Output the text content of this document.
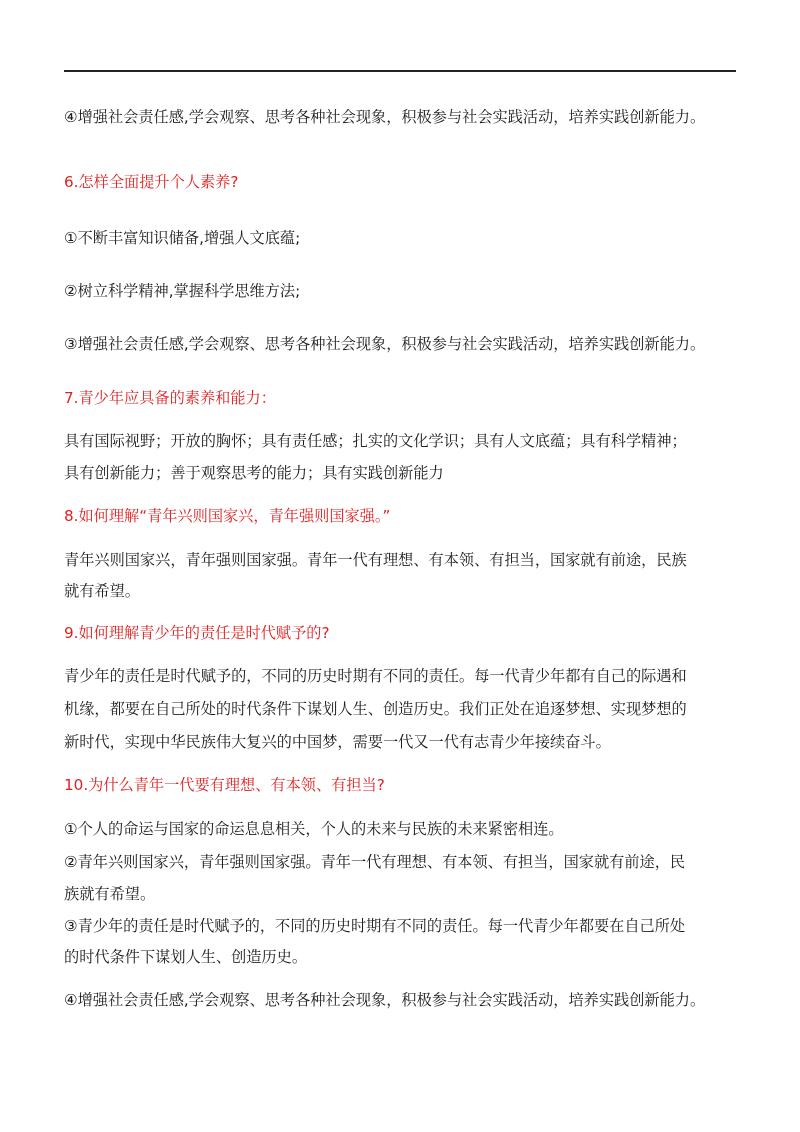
④增强社会责任感,学会观察、思考各种社会现象，积极参与社会实践活动，培养实践创新能力。
6.怎样全面提升个人素养?
①不断丰富知识储备,增强人文底蕴;
②树立科学精神,掌握科学思维方法;
③增强社会责任感,学会观察、思考各种社会现象，积极参与社会实践活动，培养实践创新能力。
7.青少年应具备的素养和能力：
具有国际视野；开放的胸怀；具有责任感；扎实的文化学识；具有人文底蕴；具有科学精神；
具有创新能力；善于观察思考的能力；具有实践创新能力
8.如何理解“青年兴则国家兴，青年强则国家强。”
青年兴则国家兴，青年强则国家强。青年一代有理想、有本领、有担当，国家就有前途，民族
就有希望。
9.如何理解青少年的责任是时代赋予的?
青少年的责任是时代赋予的，不同的历史时期有不同的责任。每一代青少年都有自己的际遇和
机缘，都要在自己所处的时代条件下谋划人生、创造历史。我们正处在追逐梦想、实现梦想的
新时代，实现中华民族伟大复兴的中国梦，需要一代又一代有志青少年接续奋斗。
10.为什么青年一代要有理想、有本领、有担当?
①个人的命运与国家的命运息息相关，个人的未来与民族的未来紧密相连。
②青年兴则国家兴，青年强则国家强。青年一代有理想、有本领、有担当，国家就有前途，民
族就有希望。
③青少年的责任是时代赋予的，不同的历史时期有不同的责任。每一代青少年都要在自己所处
的时代条件下谋划人生、创造历史。
④增强社会责任感,学会观察、思考各种社会现象，积极参与社会实践活动，培养实践创新能力。
